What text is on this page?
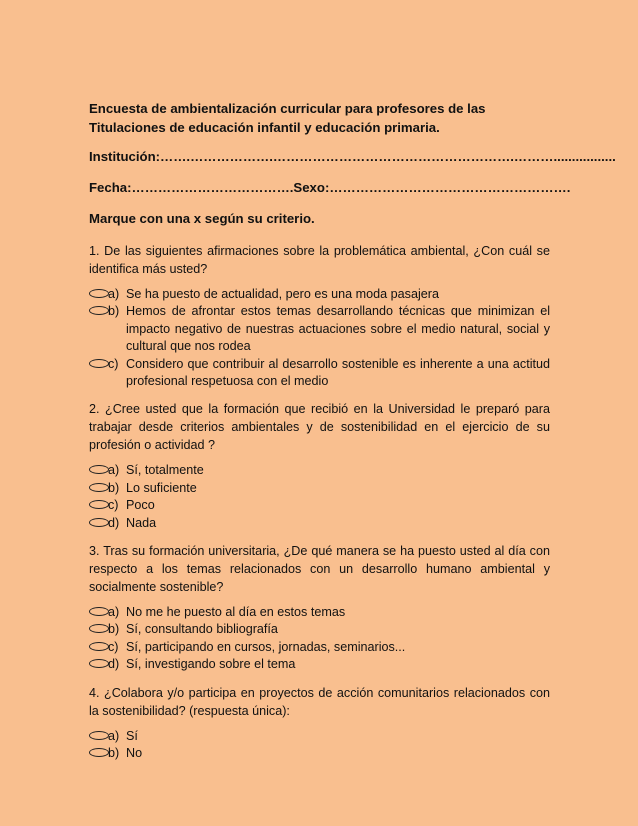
Encuesta de ambientalización curricular para profesores de las Titulaciones de educación infantil y educación primaria.
Institución:…….……………….……………………………………………….……….................
Fecha:……………………………….Sexo:……………………………………………….
Marque con una x según su criterio.
1. De las siguientes afirmaciones sobre la problemática ambiental, ¿Con cuál se identifica más usted?
a) Se ha puesto de actualidad, pero es una moda pasajera
b) Hemos de afrontar estos temas desarrollando técnicas que minimizan el impacto negativo de nuestras actuaciones sobre el medio natural, social y cultural que nos rodea
c) Considero que contribuir al desarrollo sostenible es inherente a una actitud profesional respetuosa con el medio
2. ¿Cree usted que la formación que recibió en la Universidad le preparó para trabajar desde criterios ambientales y de sostenibilidad en el ejercicio de su profesión o actividad ?
a) Sí, totalmente
b) Lo suficiente
c) Poco
d) Nada
3. Tras su formación universitaria, ¿De qué manera se ha puesto usted al día con respecto a los temas relacionados con un desarrollo humano ambiental y socialmente sostenible?
a) No me he puesto al día en estos temas
b) Sí, consultando bibliografía
c) Sí, participando en cursos, jornadas, seminarios...
d) Sí, investigando sobre el tema
4. ¿Colabora y/o participa en proyectos de acción comunitarios relacionados con la sostenibilidad? (respuesta única):
a) Sí
b) No
